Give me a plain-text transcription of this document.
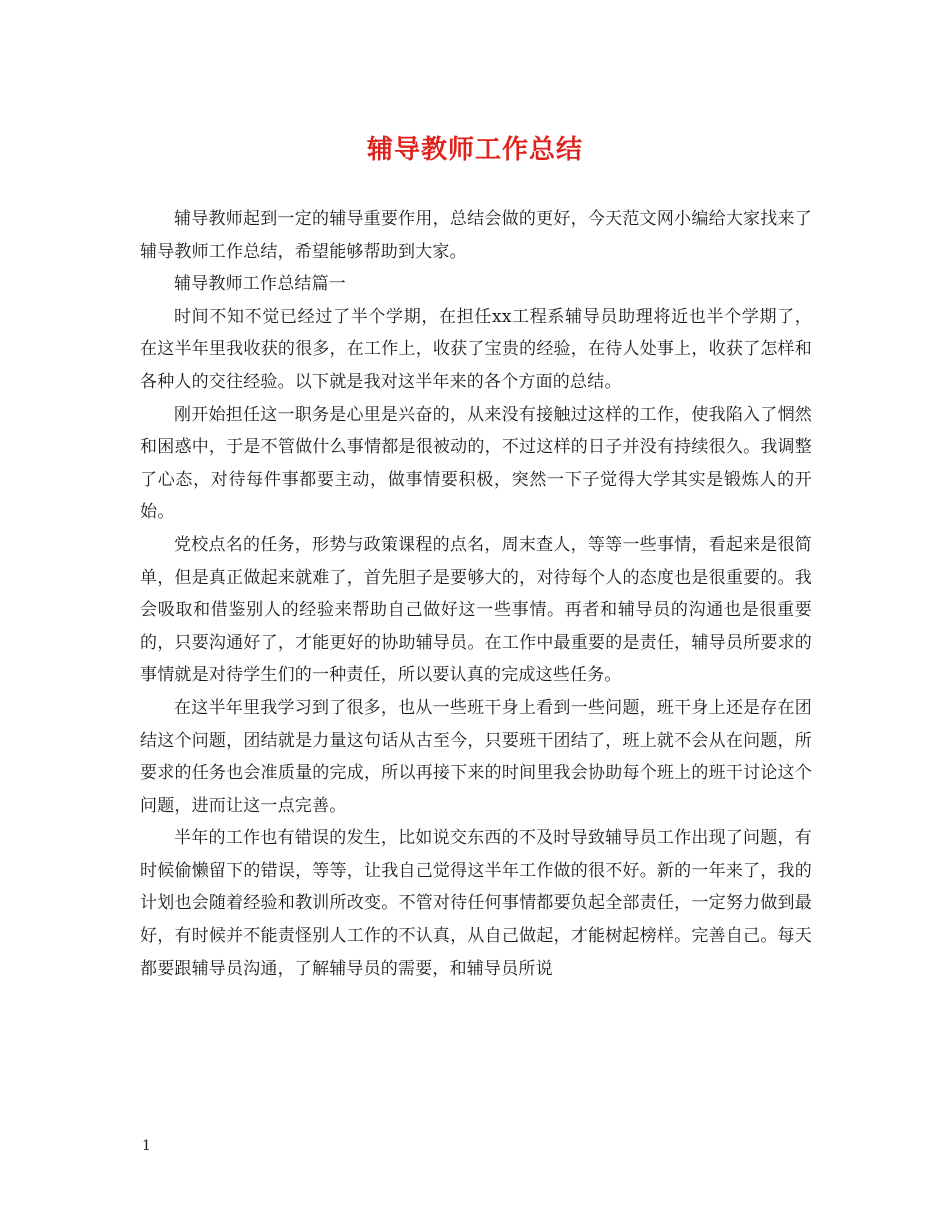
辅导教师工作总结

辅导教师起到一定的辅导重要作用，总结会做的更好，今天范文网小编给大家找来了辅导教师工作总结，希望能够帮助到大家。

辅导教师工作总结篇一

时间不知不觉已经过了半个学期，在担任xx工程系辅导员助理将近也半个学期了，在这半年里我收获的很多，在工作上，收获了宝贵的经验，在待人处事上，收获了怎样和各种人的交往经验。以下就是我对这半年来的各个方面的总结。

刚开始担任这一职务是心里是兴奋的，从来没有接触过这样的工作，使我陷入了惘然和困惑中，于是不管做什么事情都是很被动的，不过这样的日子并没有持续很久。我调整了心态，对待每件事都要主动，做事情要积极，突然一下子觉得大学其实是锻炼人的开始。

党校点名的任务，形势与政策课程的点名，周末查人，等等一些事情，看起来是很简单，但是真正做起来就难了，首先胆子是要够大的，对待每个人的态度也是很重要的。我会吸取和借鉴别人的经验来帮助自己做好这一些事情。再者和辅导员的沟通也是很重要的，只要沟通好了，才能更好的协助辅导员。在工作中最重要的是责任，辅导员所要求的事情就是对待学生们的一种责任，所以要认真的完成这些任务。

在这半年里我学习到了很多，也从一些班干身上看到一些问题，班干身上还是存在团结这个问题，团结就是力量这句话从古至今，只要班干团结了，班上就不会从在问题，所要求的任务也会准质量的完成，所以再接下来的时间里我会协助每个班上的班干讨论这个问题，进而让这一点完善。

半年的工作也有错误的发生，比如说交东西的不及时导致辅导员工作出现了问题，有时候偷懒留下的错误，等等，让我自己觉得这半年工作做的很不好。新的一年来了，我的计划也会随着经验和教训所改变。不管对待任何事情都要负起全部责任，一定努力做到最好，有时候并不能责怪别人工作的不认真，从自己做起，才能树起榜样。完善自己。每天都要跟辅导员沟通，了解辅导员的需要，和辅导员所说

1
